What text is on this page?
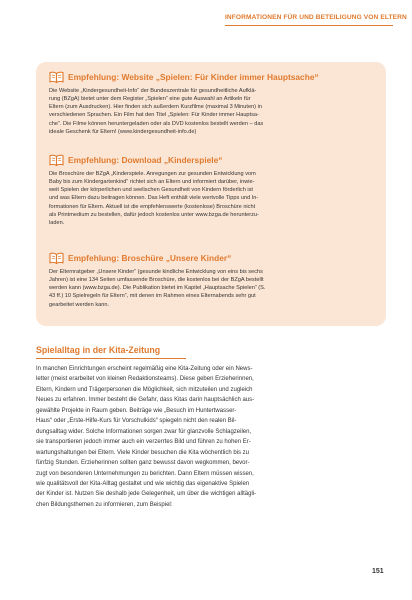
INFORMATIONEN FÜR UND BETEILIGUNG VON ELTERN
Empfehlung: Website „Spielen: Für Kinder immer Hauptsache“
Die Website „Kindergesundheit-Info“ der Bundeszentrale für gesundheitliche Aufklä-
rung (BZgA) bietet unter dem Register „Spielen“ eine gute Auswahl an Artikeln für
Eltern (zum Ausdrucken). Hier finden sich außerdem Kurzfilme (maximal 3 Minuten) in
verschiedenen Sprachen. Ein Film hat den Titel „Spielen: Für Kinder immer Hauptsa-
che“. Die Filme können heruntergeladen oder als DVD kostenlos bestellt werden – das
ideale Geschenk für Eltern! (www.kindergesundheit-info.de)
Empfehlung: Download „Kinderspiele“
Die Broschüre der BZgA „Kinderspiele. Anregungen zur gesunden Entwicklung vom
Baby bis zum Kindergartenkind“ richtet sich an Eltern und informiert darüber, inwie-
weit Spielen der körperlichen und seelischen Gesundheit von Kindern förderlich ist
und was Eltern dazu beitragen können. Das Heft enthält viele wertvolle Tipps und In-
formationen für Eltern. Aktuell ist die empfehlenswerte (kostenlose) Broschüre nicht
als Printmedium zu bestellen, dafür jedoch kostenlos unter www.bzga.de herunterzu-
laden.
Empfehlung: Broschüre „Unsere Kinder“
Der Elternratgeber „Unsere Kinder“ (gesunde kindliche Entwicklung von eins bis sechs
Jahren) ist eine 134 Seiten umfassende Broschüre, die kostenlos bei der BZgA bestellt
werden kann (www.bzga.de). Die Publikation bietet im Kapitel „Hauptsache Spielen“ (S.
43 ff.) 10 Spielregeln für Eltern“, mit denen im Rahmen eines Elternabends sehr gut
gearbeitet werden kann.
Spielalltag in der Kita-Zeitung
In manchen Einrichtungen erscheint regelmäßig eine Kita-Zeitung oder ein News-
letter (meist erarbeitet von kleinen Redaktionsteams). Diese geben Erzieherinnen,
Eltern, Kindern und Trägerpersonen die Möglichkeit, sich mitzuteilen und zugleich
Neues zu erfahren. Immer besteht die Gefahr, dass Kitas darin hauptsächlich aus-
gewählte Projekte in Raum geben. Beiträge wie „Besuch im Huntertwasser-
Haus“ oder „Erste-Hilfe-Kurs für Vorschulkids“ spiegeln nicht den realen Bil-
dungsalltag wider. Solche Informationen sorgen zwar für glanzvolle Schlagzeilen,
sie transportieren jedoch immer auch ein verzerrtes Bild und führen zu hohen Er-
wartungshaltungen bei Eltern. Viele Kinder besuchen die Kita wöchentlich bis zu
fünfzig Stunden. Erzieherinnen sollten ganz bewusst davon wegkommen, bevor-
zugt von besonderen Unternehmungen zu berichten. Dann Eltern müssen wissen,
wie qualitätsvoll der Kita-Alltag gestaltet und wie wichtig das eigenaktive Spielen
der Kinder ist. Nutzen Sie deshalb jede Gelegenheit, um über die wichtigen alltägli-
chen Bildungsthemen zu informieren, zum Beispiel:
151
